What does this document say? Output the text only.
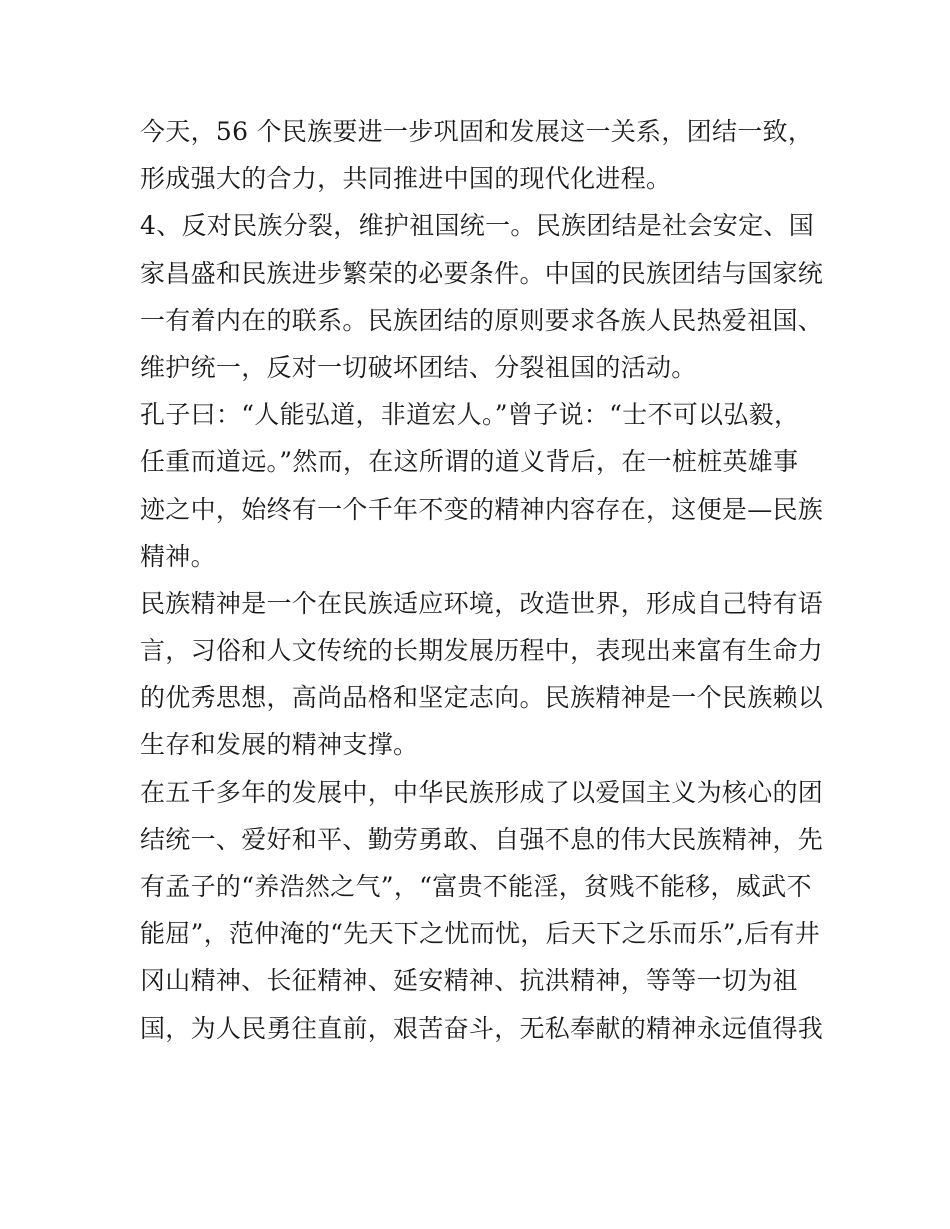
今天，56 个民族要进一步巩固和发展这一关系，团结一致，
形成强大的合力，共同推进中国的现代化进程。
4、反对民族分裂，维护祖国统一。民族团结是社会安定、国
家昌盛和民族进步繁荣的必要条件。中国的民族团结与国家统
一有着内在的联系。民族团结的原则要求各族人民热爱祖国、
维护统一，反对一切破坏团结、分裂祖国的活动。
孔子曰：“人能弘道，非道宏人。”曾子说：“士不可以弘毅，
任重而道远。”然而，在这所谓的道义背后，在一桩桩英雄事
迹之中，始终有一个千年不变的精神内容存在，这便是—民族
精神。
民族精神是一个在民族适应环境，改造世界，形成自己特有语
言，习俗和人文传统的长期发展历程中，表现出来富有生命力
的优秀思想，高尚品格和坚定志向。民族精神是一个民族赖以
生存和发展的精神支撑。
在五千多年的发展中，中华民族形成了以爱国主义为核心的团
结统一、爱好和平、勤劳勇敢、自强不息的伟大民族精神，先
有孟子的“养浩然之气”，“富贵不能淫，贫贱不能移，威武不
能屈”，范仲淹的“先天下之忧而忧，后天下之乐而乐”,后有井
冈山精神、长征精神、延安精神、抗洪精神，等等一切为祖
国，为人民勇往直前，艰苦奋斗，无私奉献的精神永远值得我
